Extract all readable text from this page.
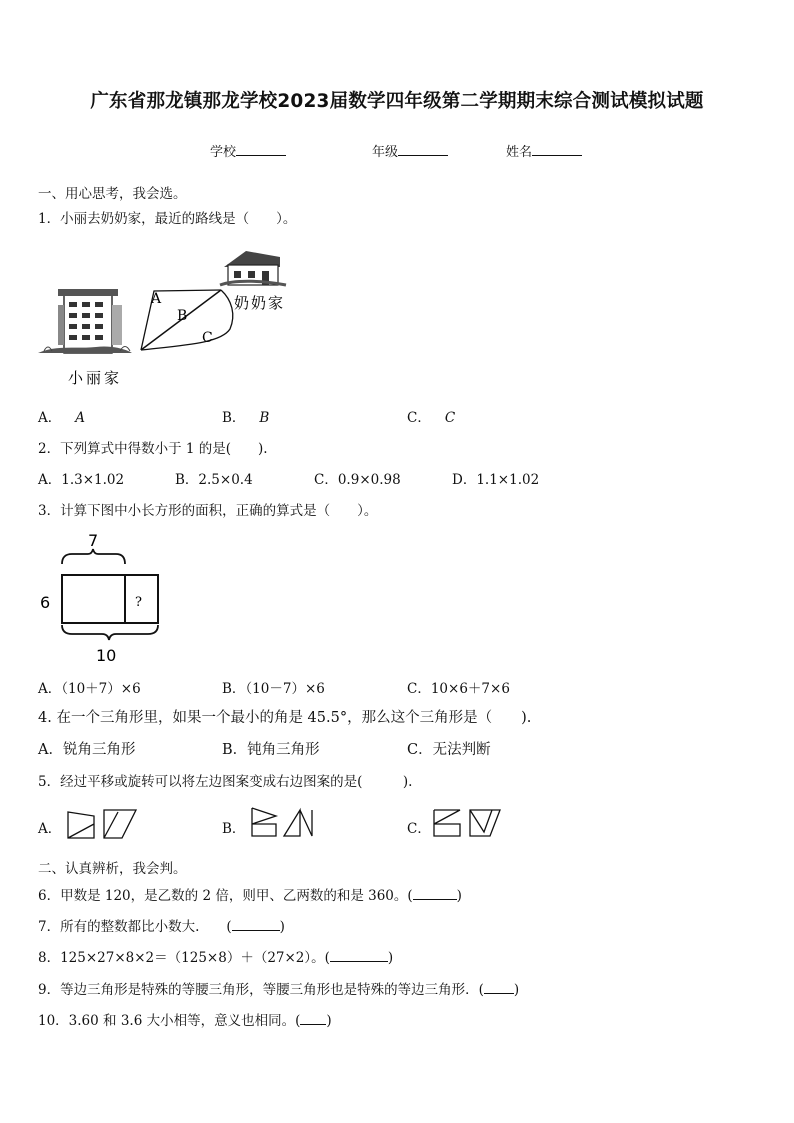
广东省那龙镇那龙学校2023届数学四年级第二学期期末综合测试模拟试题
学校	年级	姓名
一、用心思考，我会选。
1．小丽去奶奶家，最近的路线是（　　）。
A
B
C
小丽家
奶奶家
A． A	B． B	C． C
2．下列算式中得数小于 1 的是(　　).
A．1.3×1.02	B．2.5×0.4	C．0.9×0.98	D．1.1×1.02
3．计算下图中小长方形的面积，正确的算式是（　　）。
7
?
6
10
A．（10＋7）×6	B．（10－7）×6	C．10×6＋7×6
4. 在一个三角形里，如果一个最小的角是 45.5°，那么这个三角形是（　　).
A．锐角三角形	B．钝角三角形	C．无法判断
5．经过平移或旋转可以将左边图案变成右边图案的是(　　　).
A．	B．	C．
二、认真辨析，我会判。
6．甲数是 120，是乙数的 2 倍，则甲、乙两数的和是 360。(	)
7．所有的整数都比小数大.　　(	)
8．125×27×8×2＝（125×8）＋（27×2）。(	)
9．等边三角形是特殊的等腰三角形，等腰三角形也是特殊的等边三角形．( )
10．3.60 和 3.6 大小相等，意义也相同。( )
